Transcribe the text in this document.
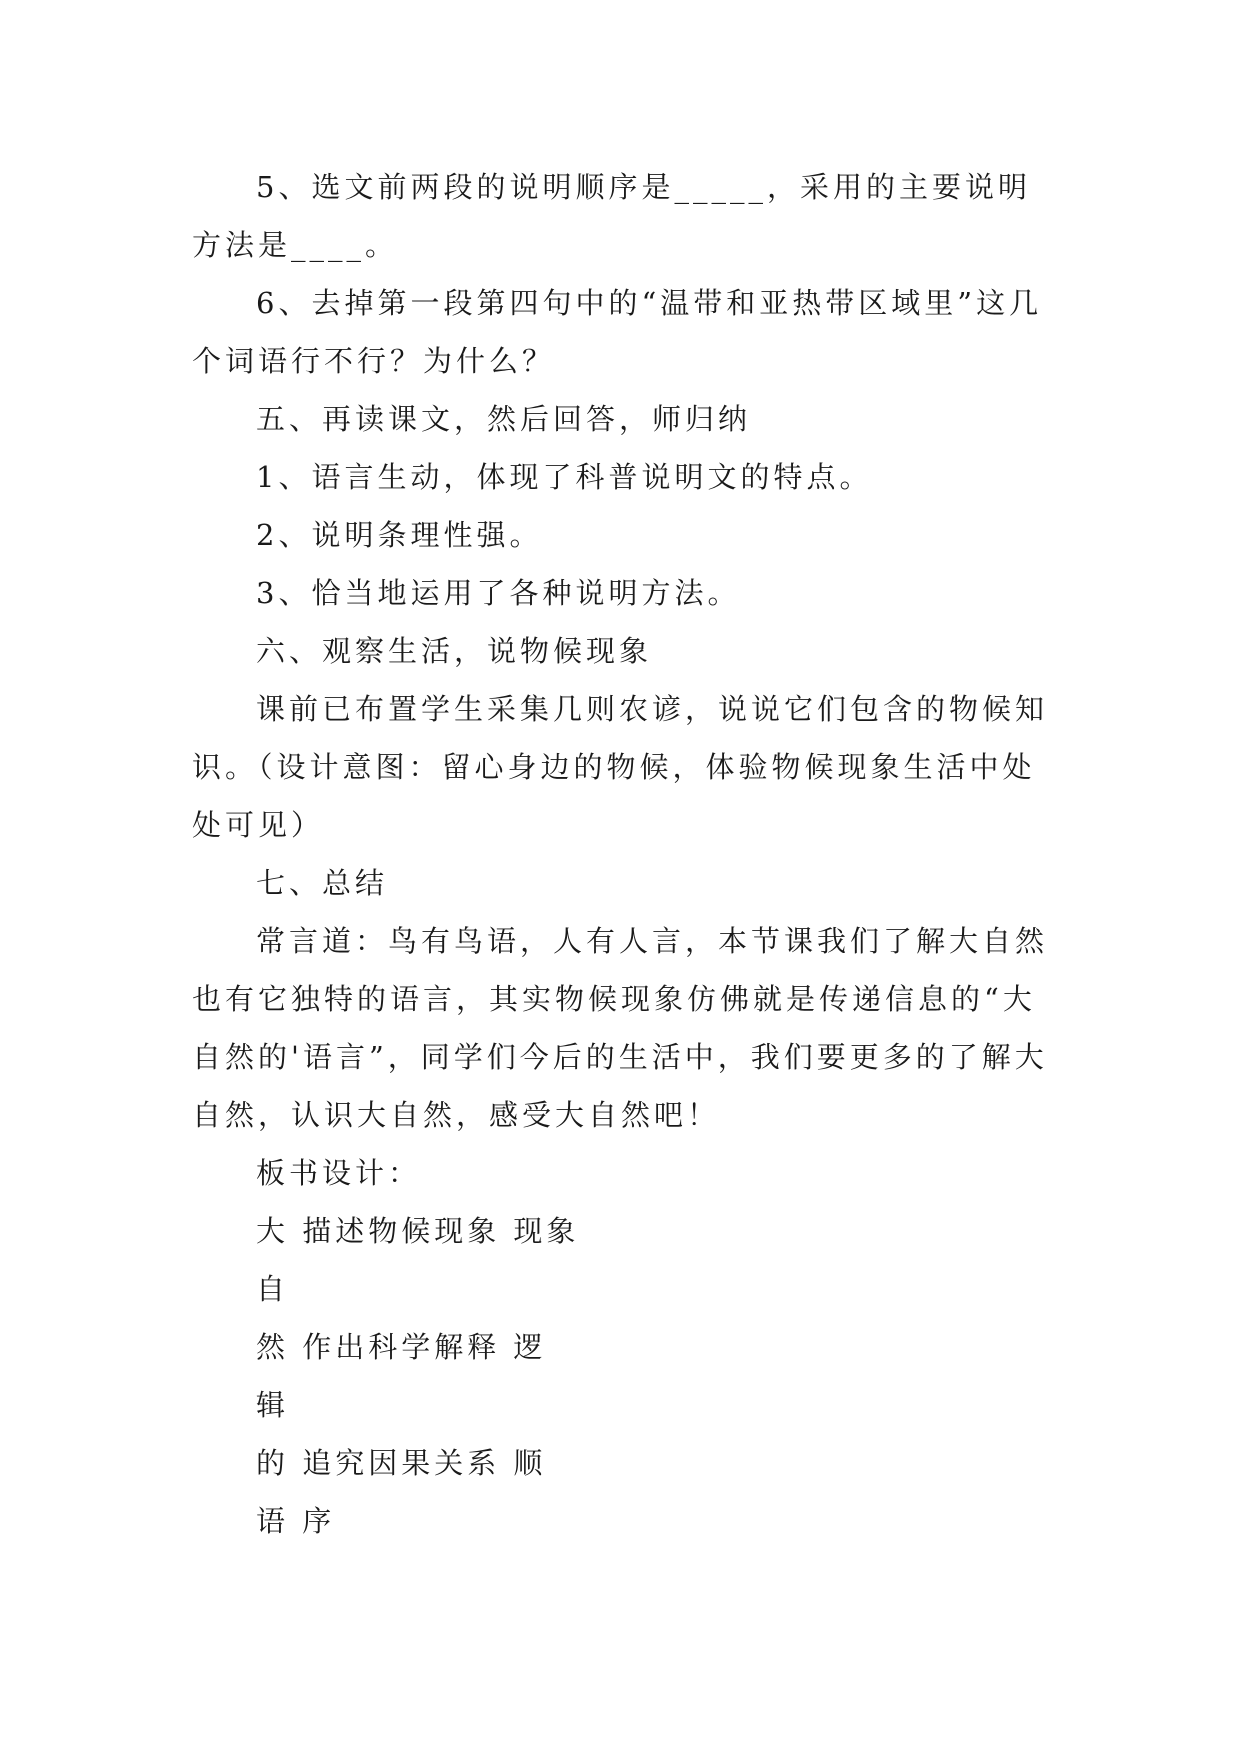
5、选文前两段的说明顺序是_____，采用的主要说明方法是____。

6、去掉第一段第四句中的“温带和亚热带区域里”这几个词语行不行？为什么？

五、再读课文，然后回答，师归纳

1、语言生动，体现了科普说明文的特点。

2、说明条理性强。

3、恰当地运用了各种说明方法。

六、观察生活，说物候现象

课前已布置学生采集几则农谚，说说它们包含的物候知识。（设计意图：留心身边的物候，体验物候现象生活中处处可见）

七、总结

常言道：鸟有鸟语，人有人言，本节课我们了解大自然也有它独特的语言，其实物候现象仿佛就是传递信息的“大自然的'语言”，同学们今后的生活中，我们要更多的了解大自然，认识大自然，感受大自然吧！

板书设计：

大 描述物候现象 现象

自

然 作出科学解释 逻

辑

的 追究因果关系 顺

语 序
